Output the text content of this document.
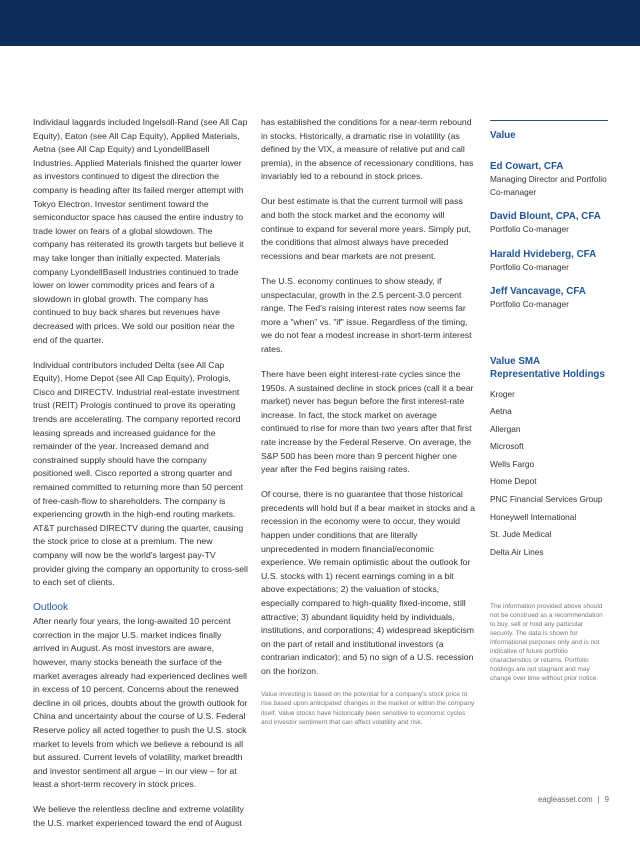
Individaul laggards included Ingelsoll-Rand (see All Cap Equity), Eaton (see All Cap Equity), Applied Materials, Aetna (see All Cap Equity) and LyondellBasell Industries. Applied Materials finished the quarter lower as investors continued to digest the direction the company is heading after its failed merger attempt with Tokyo Electron. Investor sentiment toward the semiconductor space has caused the entire industry to trade lower on fears of a global slowdown. The company has reiterated its growth targets but believe it may take longer than initially expected. Materials company LyondellBasell Industries continued to trade lower on lower commodity prices and fears of a slowdown in global growth. The company has continued to buy back shares but revenues have decreased with prices. We sold our position near the end of the quarter.

Individual contributors included Delta (see All Cap Equity), Home Depot (see All Cap Equity), Prologis, Cisco and DIRECTV. Industrial real-estate investment trust (REIT) Prologis continued to prove its operating trends are accelerating. The company reported record leasing spreads and increased guidance for the remainder of the year. Increased demand and constrained supply should have the company positioned well. Cisco reported a strong quarter and remained committed to returning more than 50 percent of free-cash-flow to shareholders. The company is experiencing growth in the high-end routing markets. AT&T purchased DIRECTV during the quarter, causing the stock price to close at a premium. The new company will now be the world's largest pay-TV provider giving the company an opportunity to cross-sell to each set of clients.

Outlook

After nearly four years, the long-awaited 10 percent correction in the major U.S. market indices finally arrived in August. As most investors are aware, however, many stocks beneath the surface of the market averages already had experienced declines well in excess of 10 percent. Concerns about the renewed decline in oil prices, doubts about the growth outlook for China and uncertainty about the course of U.S. Federal Reserve policy all acted together to push the U.S. stock market to levels from which we believe a rebound is all but assured. Current levels of volatility, market breadth and investor sentiment all argue – in our view – for at least a short-term recovery in stock prices.

We believe the relentless decline and extreme volatility the U.S. market experienced toward the end of August

has established the conditions for a near-term rebound in stocks. Historically, a dramatic rise in volatility (as defined by the VIX, a measure of relative put and call premia), in the absence of recessionary conditions, has invariably led to a rebound in stock prices.

Our best estimate is that the current turmoil will pass and both the stock market and the economy will continue to expand for several more years. Simply put, the conditions that almost always have preceded recessions and bear markets are not present.

The U.S. economy continues to show steady, if unspectacular, growth in the 2.5 percent-3.0 percent range. The Fed's raising interest rates now seems far more a "when" vs. "if" issue. Regardless of the timing, we do not fear a modest increase in short-term interest rates.

There have been eight interest-rate cycles since the 1950s. A sustained decline in stock prices (call it a bear market) never has begun before the first interest-rate increase. In fact, the stock market on average continued to rise for more than two years after that first rate increase by the Federal Reserve. On average, the S&P 500 has been more than 9 percent higher one year after the Fed begins raising rates.

Of course, there is no guarantee that those historical precedents will hold but if a bear market in stocks and a recession in the economy were to occur, they would happen under conditions that are literally unprecedented in modern financial/economic experience. We remain optimistic about the outlook for U.S. stocks with 1) recent earnings coming in a bit above expectations; 2) the valuation of stocks, especially compared to high-quality fixed-income, still attractive; 3) abundant liquidity held by individuals, institutions, and corporations; 4) widespread skepticism on the part of retail and institutional investors (a contrarian indicator); and 5) no sign of a U.S. recession on the horizon.

Value investing is based on the potential for a company's stock price to rise based upon anticipated changes in the market or within the company itself. Value stocks have historically been sensitive to economic cycles and investor sentiment that can affect volatility and risk.

Value
Ed Cowart, CFA
Managing Director and Portfolio Co-manager
David Blount, CPA, CFA
Portfolio Co-manager
Harald Hvideberg, CFA
Portfolio Co-manager
Jeff Vancavage, CFA
Portfolio Co-manager
Value SMA Representative Holdings
Kroger
Aetna
Allergan
Microsoft
Wells Fargo
Home Depot
PNC Financial Services Group
Honeywell International
St. Jude Medical
Delta Air Lines
The information provided above should not be construed as a recommendation to buy, sell or hold any particular security. The data is shown for informational purposes only and is not indicative of future portfolio characteristics or returns. Portfolio holdings are not stagnant and may change over time without prior notice.
eagleasset.com | 9
